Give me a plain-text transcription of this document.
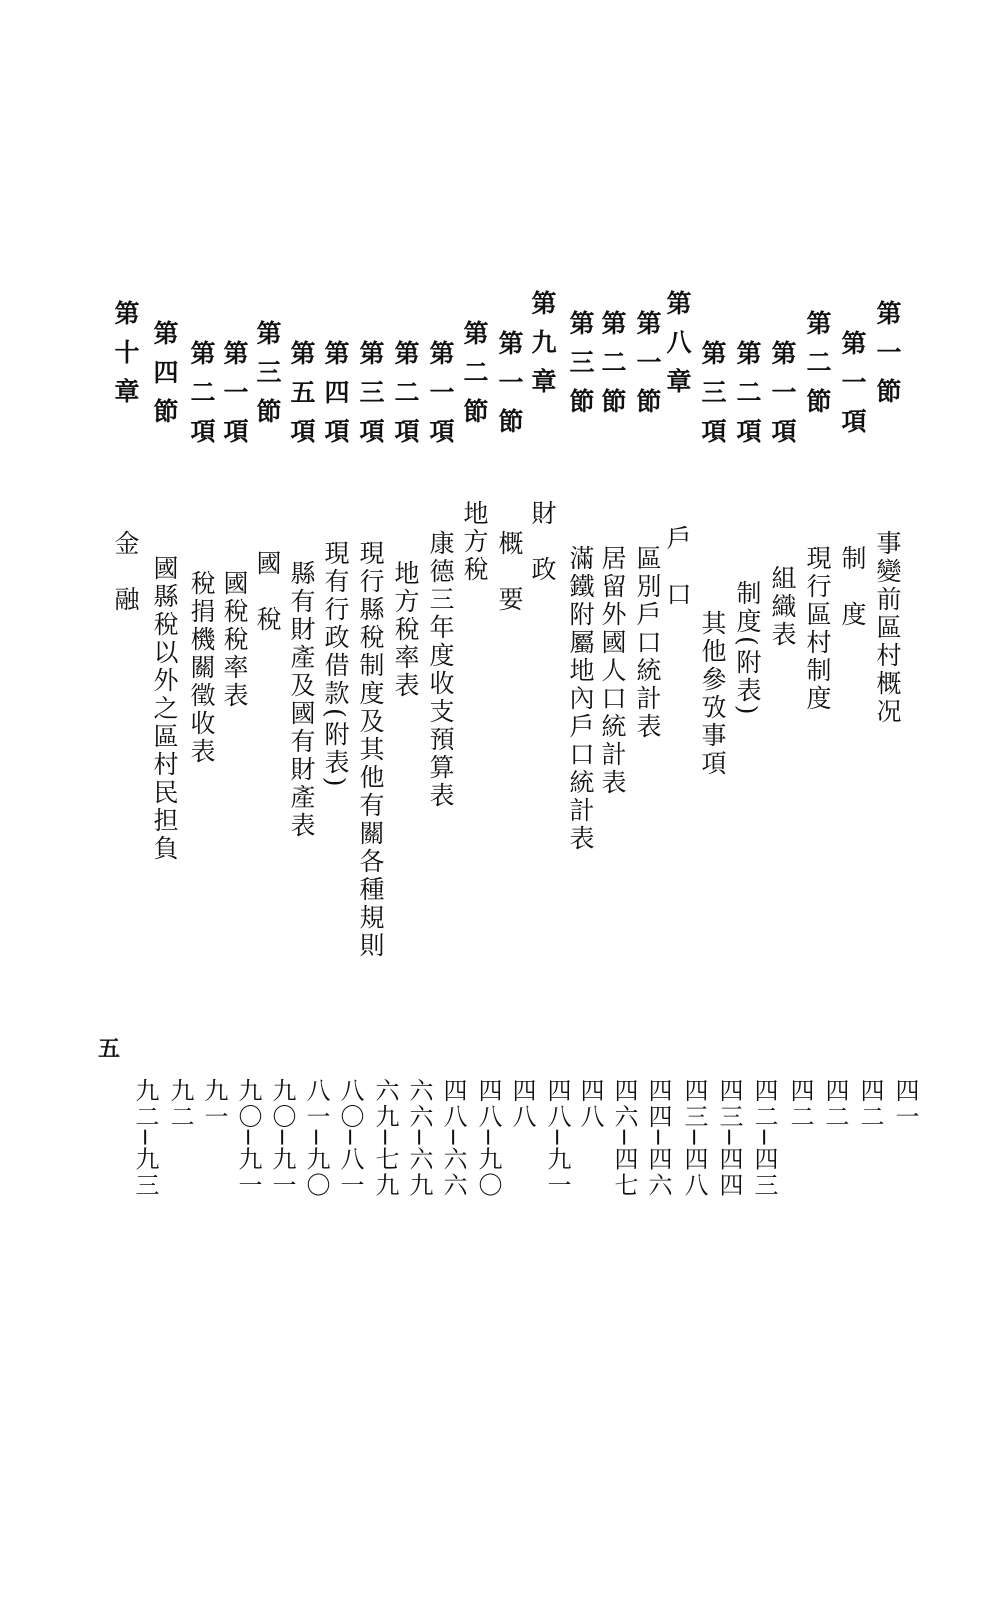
五
第一節
事變前區村概况
四一
第一項
制　度
四二
第二節
現行區村制度
四二
第一項
組織表
四二
第二項
制度(附表)
四二─四三
第三項
其他參攷事項
四三─四四
第八章
戶　口
四三─四八
第一節
區別戶口統計表
四四─四六
第二節
居留外國人口統計表
四六─四七
第三節
滿鐵附屬地內戶口統計表
四八
第九章
財　政
四八─九一
第一節
概　要
四八
第二節
地方稅
四八─九〇
第一項
康德三年度收支預算表
四八─六六
第二項
地方稅率表
六六─六九
第三項
現行縣稅制度及其他有關各種規則
六九─七九
第四項
現有行政借款(附表)
八〇─八一
第五項
縣有財產及國有財產表
八一─九〇
第三節
國　稅
九〇─九一
第一項
國稅稅率表
九〇─九一
第二項
稅捐機關徵收表
九一
第四節
國縣稅以外之區村民担負
九二
第十章
金　融
九二─九三
